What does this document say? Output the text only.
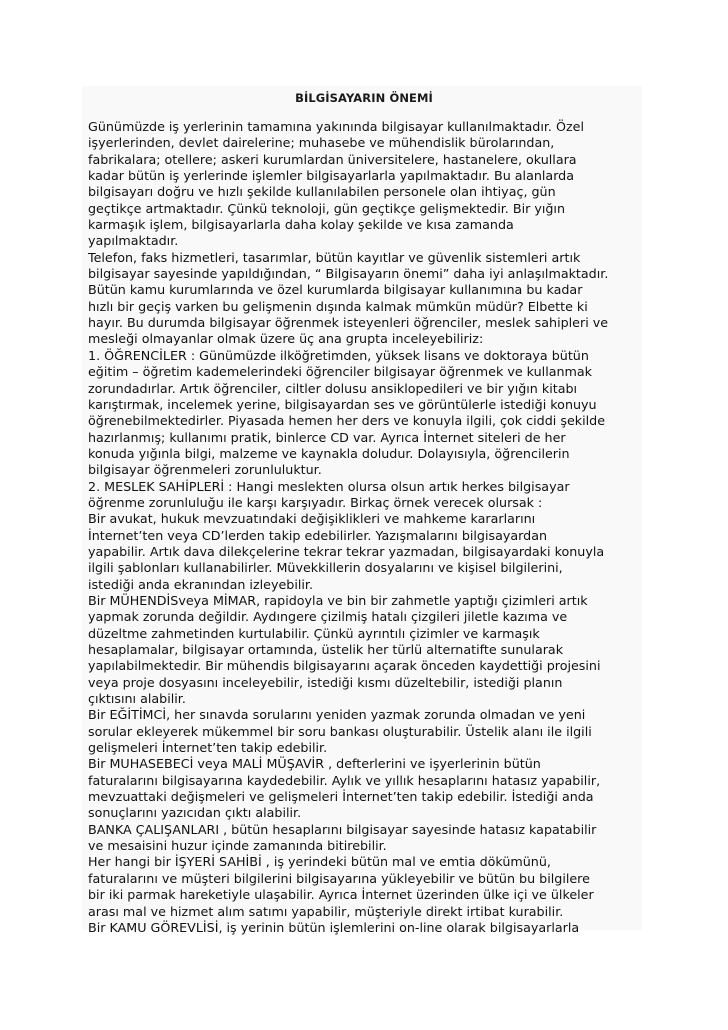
BİLGİSAYARIN ÖNEMİ
Günümüzde iş yerlerinin tamamına yakınında bilgisayar kullanılmaktadır. Özel
işyerlerinden, devlet dairelerine; muhasebe ve mühendislik bürolarından,
fabrikalara; otellere; askeri kurumlardan üniversitelere, hastanelere, okullara
kadar bütün iş yerlerinde işlemler bilgisayarlarla yapılmaktadır. Bu alanlarda
bilgisayarı doğru ve hızlı şekilde kullanılabilen personele olan ihtiyaç, gün
geçtikçe artmaktadır. Çünkü teknoloji, gün geçtikçe gelişmektedir. Bir yığın
karmaşık işlem, bilgisayarlarla daha kolay şekilde ve kısa zamanda
yapılmaktadır.
Telefon, faks hizmetleri, tasarımlar, bütün kayıtlar ve güvenlik sistemleri artık
bilgisayar sayesinde yapıldığından, “ Bilgisayarın önemi” daha iyi anlaşılmaktadır.
Bütün kamu kurumlarında ve özel kurumlarda bilgisayar kullanımına bu kadar
hızlı bir geçiş varken bu gelişmenin dışında kalmak mümkün müdür? Elbette ki
hayır. Bu durumda bilgisayar öğrenmek isteyenleri öğrenciler, meslek sahipleri ve
mesleği olmayanlar olmak üzere üç ana grupta inceleyebiliriz:
1. ÖĞRENCİLER : Günümüzde ilköğretimden, yüksek lisans ve doktoraya bütün
eğitim – öğretim kademelerindeki öğrenciler bilgisayar öğrenmek ve kullanmak
zorundadırlar. Artık öğrenciler, ciltler dolusu ansiklopedileri ve bir yığın kitabı
karıştırmak, incelemek yerine, bilgisayardan ses ve görüntülerle istediği konuyu
öğrenebilmektedirler. Piyasada hemen her ders ve konuyla ilgili, çok ciddi şekilde
hazırlanmış; kullanımı pratik, binlerce CD var. Ayrıca İnternet siteleri de her
konuda yığınla bilgi, malzeme ve kaynakla doludur. Dolayısıyla, öğrencilerin
bilgisayar öğrenmeleri zorunluluktur.
2. MESLEK SAHİPLERİ : Hangi meslekten olursa olsun artık herkes bilgisayar
öğrenme zorunluluğu ile karşı karşıyadır. Birkaç örnek verecek olursak :
Bir avukat, hukuk mevzuatındaki değişiklikleri ve mahkeme kararlarını
İnternet’ten veya CD’lerden takip edebilirler. Yazışmalarını bilgisayardan
yapabilir. Artık dava dilekçelerine tekrar tekrar yazmadan, bilgisayardaki konuyla
ilgili şablonları kullanabilirler. Müvekkillerin dosyalarını ve kişisel bilgilerini,
istediği anda ekranından izleyebilir.
Bir MÜHENDİSveya MİMAR, rapidoyla ve bin bir zahmetle yaptığı çizimleri artık
yapmak zorunda değildir. Aydıngere çizilmiş hatalı çizgileri jiletle kazıma ve
düzeltme zahmetinden kurtulabilir. Çünkü ayrıntılı çizimler ve karmaşık
hesaplamalar, bilgisayar ortamında, üstelik her türlü alternatifte sunularak
yapılabilmektedir. Bir mühendis bilgisayarını açarak önceden kaydettiği projesini
veya proje dosyasını inceleyebilir, istediği kısmı düzeltebilir, istediği planın
çıktısını alabilir.
Bir EĞİTİMCİ, her sınavda sorularını yeniden yazmak zorunda olmadan ve yeni
sorular ekleyerek mükemmel bir soru bankası oluşturabilir. Üstelik alanı ile ilgili
gelişmeleri İnternet’ten takip edebilir.
Bir MUHASEBECİ veya MALİ MÜŞAVİR , defterlerini ve işyerlerinin bütün
faturalarını bilgisayarına kaydedebilir. Aylık ve yıllık hesaplarını hatasız yapabilir,
mevzuattaki değişmeleri ve gelişmeleri İnternet’ten takip edebilir. İstediği anda
sonuçlarını yazıcıdan çıktı alabilir.
BANKA ÇALIŞANLARI , bütün hesaplarını bilgisayar sayesinde hatasız kapatabilir
ve mesaisini huzur içinde zamanında bitirebilir.
Her hangi bir İŞYERİ SAHİBİ , iş yerindeki bütün mal ve emtia dökümünü,
faturalarını ve müşteri bilgilerini bilgisayarına yükleyebilir ve bütün bu bilgilere
bir iki parmak hareketiyle ulaşabilir. Ayrıca İnternet üzerinden ülke içi ve ülkeler
arası mal ve hizmet alım satımı yapabilir, müşteriyle direkt irtibat kurabilir.
Bir KAMU GÖREVLİSİ, iş yerinin bütün işlemlerini on-line olarak bilgisayarlarla
